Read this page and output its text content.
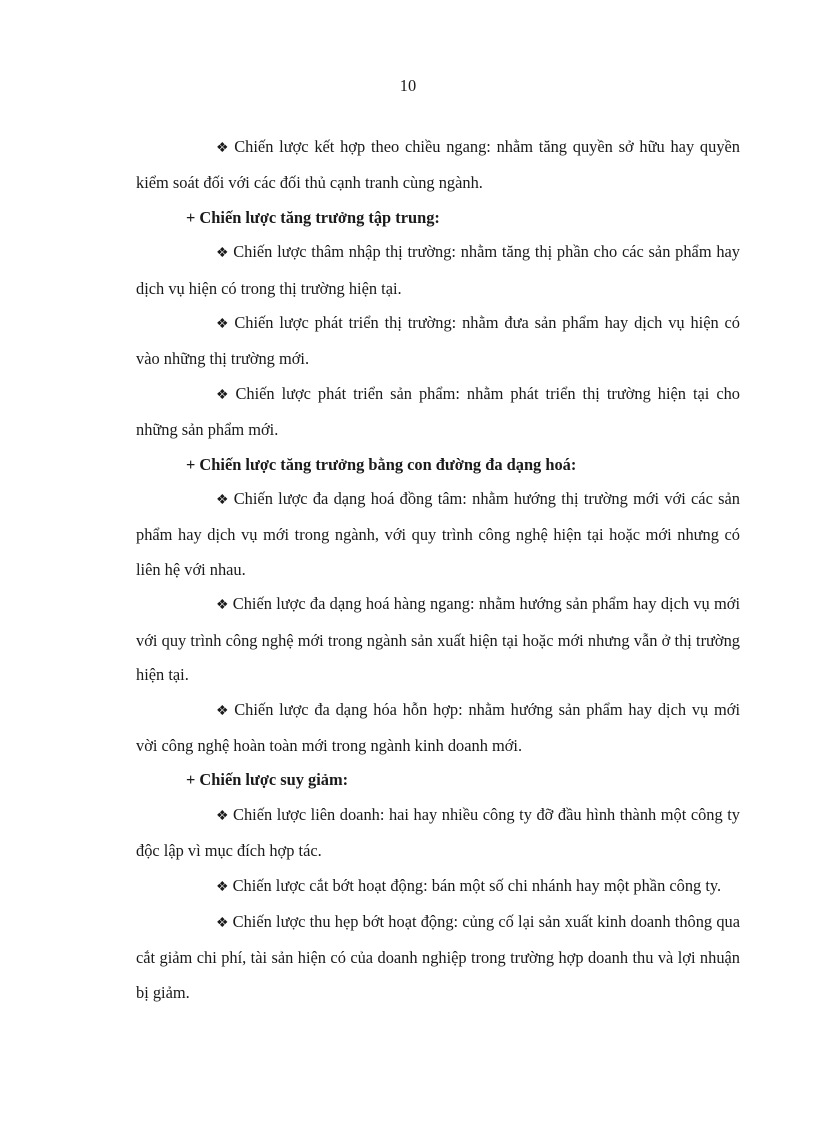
10

❖ Chiến lược kết hợp theo chiều ngang: nhằm tăng quyền sở hữu hay quyền kiểm soát đối với các đối thủ cạnh tranh cùng ngành.

+ Chiến lược tăng trưởng tập trung:

❖ Chiến lược thâm nhập thị trường: nhằm tăng thị phần cho các sản phẩm hay dịch vụ hiện có trong thị trường hiện tại.

❖ Chiến lược phát triển thị trường: nhằm đưa sản phẩm hay dịch vụ hiện có vào những thị trường mới.

❖ Chiến lược phát triển sản phẩm: nhằm phát triển thị trường hiện tại cho những sản phẩm mới.

+ Chiến lược tăng trưởng bằng con đường đa dạng hoá:

❖ Chiến lược đa dạng hoá đồng tâm: nhằm hướng thị trường mới với các sản phẩm hay dịch vụ mới trong ngành, với quy trình công nghệ hiện tại hoặc mới nhưng có liên hệ với nhau.

❖ Chiến lược đa dạng hoá hàng ngang: nhằm hướng sản phẩm hay dịch vụ mới với quy trình công nghệ mới trong ngành sản xuất hiện tại hoặc mới nhưng vẫn ở thị trường hiện tại.

❖ Chiến lược đa dạng hóa hỗn hợp: nhằm hướng sản phẩm hay dịch vụ mới vời công nghệ hoàn toàn mới trong ngành kinh doanh mới.

+ Chiến lược suy giảm:

❖ Chiến lược liên doanh: hai hay nhiều công ty đỡ đầu hình thành một công ty độc lập vì mục đích hợp tác.

❖ Chiến lược cắt bớt hoạt động: bán một số chi nhánh hay một phần công ty.

❖ Chiến lược thu hẹp bớt hoạt động: củng cố lại sản xuất kinh doanh thông qua cắt giảm chi phí, tài sản hiện có của doanh nghiệp trong trường hợp doanh thu và lợi nhuận bị giảm.
